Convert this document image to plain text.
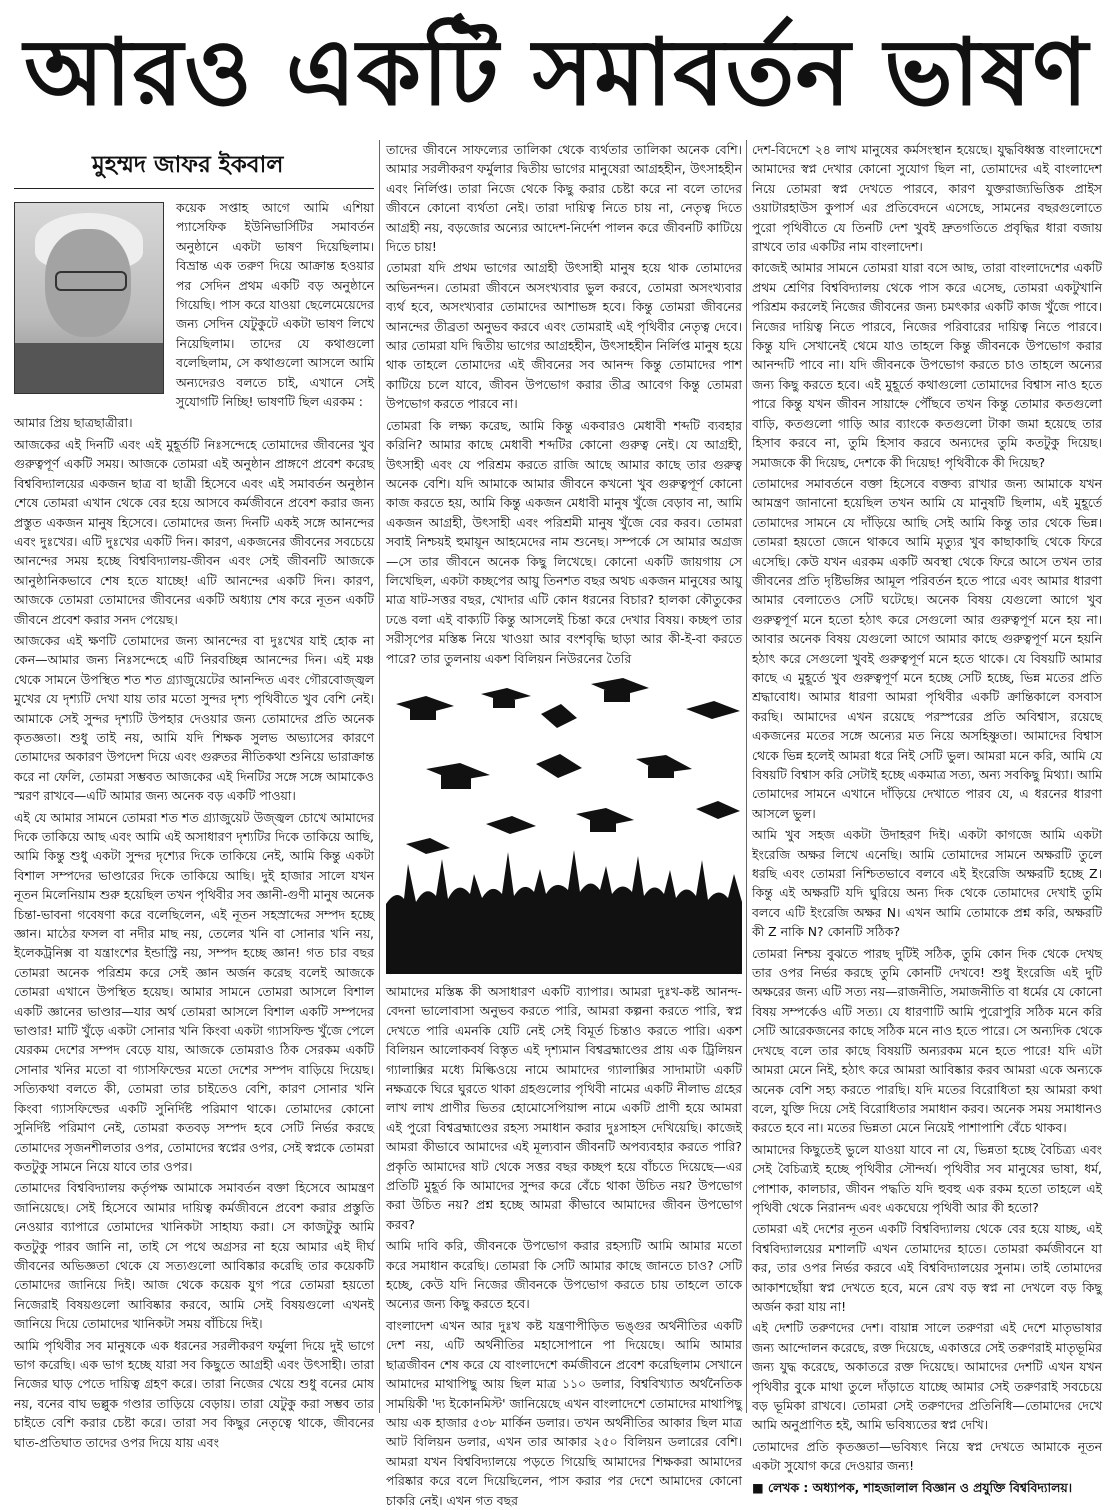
আরও একটি সমাবর্তন ভাষণ
মুহম্মদ জাফর ইকবাল

কয়েক সপ্তাহ আগে আমি এশিয়া প্যাসেফিক ইউনিভার্সিটির সমাবর্তন অনুষ্ঠানে একটা ভাষণ দিয়েছিলাম। বিভ্রান্ত এক তরুণ দিয়ে আক্রান্ত হওয়ার পর সেদিন প্রথম একটি বড় অনুষ্ঠানে গিয়েছি। পাস করে যাওয়া ছেলেমেয়েদের জন্য সেদিন যেটুকুটে একটা ভাষণ লিখে নিয়েছিলাম। তাদের যে কথাগুলো বলেছিলাম, সে কথাগুলো আসলে আমি অন্যদেরও বলতে চাই, এখানে সেই সুযোগটি নিচ্ছি! ভাষণটি ছিল এরকম :

আমার প্রিয় ছাত্রছাত্রীরা।

আজকের এই দিনটি এবং এই মুহূর্তটি নিঃসন্দেহে তোমাদের জীবনের খুব গুরুত্বপূর্ণ একটি সময়। আজকে তোমরা এই অনুষ্ঠান প্রাঙ্গণে প্রবেশ করেছ বিশ্ববিদ্যালয়ের একজন ছাত্র বা ছাত্রী হিসেবে এবং এই সমাবর্তন অনুষ্ঠান শেষে তোমরা এখান থেকে বের হয়ে আসবে কর্মজীবনে প্রবেশ করার জন্য প্রস্তুত একজন মানুষ হিসেবে। তোমাদের জন্য দিনটি একই সঙ্গে আনন্দের এবং দুঃখের। এটি দুঃখের একটি দিন। কারণ, একজনের জীবনের সবচেয়ে আনন্দের সময় হচ্ছে বিশ্ববিদ্যালয়-জীবন এবং সেই জীবনটি আজকে আনুষ্ঠানিকভাবে শেষ হতে যাচ্ছে! এটি আনন্দের একটি দিন। কারণ, আজকে তোমরা তোমাদের জীবনের একটি অধ্যায় শেষ করে নূতন একটি জীবনে প্রবেশ করার সনদ পেয়েছ।

আজকের এই ক্ষণটি তোমাদের জন্য আনন্দের বা দুঃখের যাই হোক না কেন—আমার জন্য নিঃসন্দেহে এটি নিরবচ্ছিন্ন আনন্দের দিন। এই মঞ্চ থেকে সামনে উপস্থিত শত শত গ্র্যাজুয়েটের আনন্দিত এবং গৌরবোজ্জ্বল মুখের যে দৃশ্যটি দেখা যায় তার মতো সুন্দর দৃশ্য পৃথিবীতে খুব বেশি নেই। আমাকে সেই সুন্দর দৃশ্যটি উপহার দেওয়ার জন্য তোমাদের প্রতি অনেক কৃতজ্ঞতা। শুধু তাই নয়, আমি যদি শিক্ষক সুলভ অভ্যাসের কারণে তোমাদের অকারণ উপদেশ দিয়ে এবং গুরুতর নীতিকথা শুনিয়ে ভারাক্রান্ত করে না ফেলি, তোমরা সম্ভবত আজকের এই দিনটির সঙ্গে সঙ্গে আমাকেও স্মরণ রাখবে—এটি আমার জন্য অনেক বড় একটি পাওয়া।

এই যে আমার সামনে তোমরা শত শত গ্র্যাজুয়েট উজ্জ্বল চোখে আমাদের দিকে তাকিয়ে আছ এবং আমি এই অসাধারণ দৃশ্যটির দিকে তাকিয়ে আছি, আমি কিন্তু শুধু একটা সুন্দর দৃশ্যের দিকে তাকিয়ে নেই, আমি কিন্তু একটা বিশাল সম্পদের ভাণ্ডারের দিকে তাকিয়ে আছি। দুই হাজার সালে যখন নূতন মিলেনিয়াম শুরু হয়েছিল তখন পৃথিবীর সব জ্ঞানী-গুণী মানুষ অনেক চিন্তা-ভাবনা গবেষণা করে বলেছিলেন, এই নূতন সহস্রাব্দের সম্পদ হচ্ছে জ্ঞান। মাঠের ফসল বা নদীর মাছ নয়, তেলের খনি বা সোনার খনি নয়, ইলেকট্রনিক্স বা যন্ত্রাংশের ইন্ডাস্ট্রি নয়, সম্পদ হচ্ছে জ্ঞান! গত চার বছর তোমরা অনেক পরিশ্রম করে সেই জ্ঞান অর্জন করেছ বলেই আজকে তোমরা এখানে উপস্থিত হয়েছ। আমার সামনে তোমরা আসলে বিশাল একটি জ্ঞানের ভাণ্ডার—যার অর্থ তোমরা আসলে বিশাল একটি সম্পদের ভাণ্ডার! মাটি খুঁড়ে একটা সোনার খনি কিংবা একটা গ্যাসফিল্ড খুঁজে পেলে যেরকম দেশের সম্পদ বেড়ে যায়, আজকে তোমরাও ঠিক সেরকম একটি সোনার খনির মতো বা গ্যাসফিল্ডের মতো দেশের সম্পদ বাড়িয়ে দিয়েছ। সত্যিকথা বলতে কী, তোমরা তার চাইতেও বেশি, কারণ সোনার খনি কিংবা গ্যাসফিল্ডের একটি সুনির্দিষ্ট পরিমাণ থাকে। তোমাদের কোনো সুনির্দিষ্ট পরিমাণ নেই, তোমরা কতবড় সম্পদ হবে সেটি নির্ভর করছে তোমাদের সৃজনশীলতার ওপর, তোমাদের স্বপ্নের ওপর, সেই স্বপ্নকে তোমরা কতটুকু সামনে নিয়ে যাবে তার ওপর।

তোমাদের বিশ্ববিদ্যালয় কর্তৃপক্ষ আমাকে সমাবর্তন বক্তা হিসেবে আমন্ত্রণ জানিয়েছে। সেই হিসেবে আমার দায়িত্ব কর্মজীবনে প্রবেশ করার প্রস্তুতি নেওয়ার ব্যাপারে তোমাদের খানিকটা সাহায্য করা। সে কাজটুকু আমি কতটুকু পারব জানি না, তাই সে পথে অগ্রসর না হয়ে আমার এই দীর্ঘ জীবনের অভিজ্ঞতা থেকে যে সত্যগুলো আবিষ্কার করেছি তার কয়েকটি তোমাদের জানিয়ে দিই। আজ থেকে কয়েক যুগ পরে তোমরা হয়তো নিজেরাই বিষয়গুলো আবিষ্কার করবে, আমি সেই বিষয়গুলো এখনই জানিয়ে দিয়ে তোমাদের খানিকটা সময় বাঁচিয়ে দিই।

আমি পৃথিবীর সব মানুষকে এক ধরনের সরলীকরণ ফর্মুলা দিয়ে দুই ভাগে ভাগ করেছি। এক ভাগ হচ্ছে যারা সব কিছুতে আগ্রহী এবং উৎসাহী। তারা নিজের ঘাড় পেতে দায়িত্ব গ্রহণ করে। তারা নিজের খেয়ে শুধু বনের মোষ নয়, বনের বাঘ ভল্লুক গণ্ডার তাড়িয়ে বেড়ায়। তারা যেটুকু করা সম্ভব তার চাইতে বেশি করার চেষ্টা করে। তারা সব কিছুর নেতৃত্বে থাকে, জীবনের ঘাত-প্রতিঘাত তাদের ওপর দিয়ে যায় এবং

তাদের জীবনে সাফল্যের তালিকা থেকে ব্যর্থতার তালিকা অনেক বেশি। আমার সরলীকরণ ফর্মুলার দ্বিতীয় ভাগের মানুষেরা আগ্রহহীন, উৎসাহহীন এবং নির্লিপ্ত। তারা নিজে থেকে কিছু করার চেষ্টা করে না বলে তাদের জীবনে কোনো ব্যর্থতা নেই। তারা দায়িত্ব নিতে চায় না, নেতৃত্ব দিতে আগ্রহী নয়, বড়জোর অন্যের আদেশ-নির্দেশ পালন করে জীবনটি কাটিয়ে দিতে চায়!

তোমরা যদি প্রথম ভাগের আগ্রহী উৎসাহী মানুষ হয়ে থাক তোমাদের অভিনন্দন। তোমরা জীবনে অসংখ্যবার ভুল করবে, তোমরা অসংখ্যবার ব্যর্থ হবে, অসংখ্যবার তোমাদের আশাভঙ্গ হবে। কিন্তু তোমরা জীবনের আনন্দের তীব্রতা অনুভব করবে এবং তোমরাই এই পৃথিবীর নেতৃত্ব দেবে। আর তোমরা যদি দ্বিতীয় ভাগের আগ্রহহীন, উৎসাহহীন নির্লিপ্ত মানুষ হয়ে থাক তাহলে তোমাদের এই জীবনের সব আনন্দ কিন্তু তোমাদের পাশ কাটিয়ে চলে যাবে, জীবন উপভোগ করার তীব্র আবেগ কিন্তু তোমরা উপভোগ করতে পারবে না।

তোমরা কি লক্ষ্য করেছ, আমি কিন্তু একবারও মেধাবী শব্দটি ব্যবহার করিনি? আমার কাছে মেধাবী শব্দটির কোনো গুরুত্ব নেই। যে আগ্রহী, উৎসাহী এবং যে পরিশ্রম করতে রাজি আছে আমার কাছে তার গুরুত্ব অনেক বেশি। যদি আমাকে আমার জীবনে কখনো খুব গুরুত্বপূর্ণ কোনো কাজ করতে হয়, আমি কিন্তু একজন মেধাবী মানুষ খুঁজে বেড়াব না, আমি একজন আগ্রহী, উৎসাহী এবং পরিশ্রমী মানুষ খুঁজে বের করব। তোমরা সবাই নিশ্চয়ই হুমায়ূন আহমেদের নাম শুনেছ। সম্পর্কে সে আমার অগ্রজ—সে তার জীবনে অনেক কিছু লিখেছে। কোনো একটি জায়গায় সে লিখেছিল, একটা কচ্ছপের আয়ু তিনশত বছর অথচ একজন মানুষের আয়ু মাত্র ষাট-সত্তর বছর, খোদার এটি কোন ধরনের বিচার? হালকা কৌতুকের ঢঙে বলা এই বাক্যটি কিন্তু আসলেই চিন্তা করে দেখার বিষয়। কচ্ছপ তার সরীসৃপের মস্তিষ্ক নিয়ে খাওয়া আর বংশবৃদ্ধি ছাড়া আর কী-ই-বা করতে পারে? তার তুলনায় একশ বিলিয়ন নিউরনের তৈরি

আমাদের মস্তিষ্ক কী অসাধারণ একটি ব্যাপার। আমরা দুঃখ-কষ্ট আনন্দ-বেদনা ভালোবাসা অনুভব করতে পারি, আমরা কল্পনা করতে পারি, স্বপ্ন দেখতে পারি এমনকি যেটি নেই সেই বিমূর্ত চিন্তাও করতে পারি। একশ বিলিয়ন আলোকবর্ষ বিস্তৃত এই দৃশ্যমান বিশ্বব্রহ্মাণ্ডের প্রায় এক ট্রিলিয়ন গ্যালাক্সির মধ্যে মিল্কিওয়ে নামে আমাদের গ্যালাক্সির সাদামাটা একটি নক্ষত্রকে ঘিরে ঘুরতে থাকা গ্রহগুলোর পৃথিবী নামের একটি নীলাভ গ্রহের লাখ লাখ প্রাণীর ভিতর হোমোসেপিয়ান্স নামে একটি প্রাণী হয়ে আমরা এই পুরো বিশ্বব্রহ্মাণ্ডের রহস্য সমাধান করার দুঃসাহস দেখিয়েছি। কাজেই আমরা কীভাবে আমাদের এই মূল্যবান জীবনটি অপব্যবহার করতে পারি? প্রকৃতি আমাদের ষাট থেকে সত্তর বছর কচ্ছপ হয়ে বাঁচতে দিয়েছে—এর প্রতিটি মুহূর্ত কি আমাদের সুন্দর করে বেঁচে থাকা উচিত নয়? উপভোগ করা উচিত নয়? প্রশ্ন হচ্ছে আমরা কীভাবে আমাদের জীবন উপভোগ করব?

আমি দাবি করি, জীবনকে উপভোগ করার রহস্যটি আমি আমার মতো করে সমাধান করেছি। তোমরা কি সেটি আমার কাছে জানতে চাও? সেটি হচ্ছে, কেউ যদি নিজের জীবনকে উপভোগ করতে চায় তাহলে তাকে অন্যের জন্য কিছু করতে হবে।

বাংলাদেশ এখন আর দুঃখ কষ্ট যন্ত্রণাপীড়িত ভঙ্গুর অর্থনীতির একটি দেশ নয়, এটি অর্থনীতির মহাসোপানে পা দিয়েছে। আমি আমার ছাত্রজীবন শেষ করে যে বাংলাদেশে কর্মজীবনে প্রবেশ করেছিলাম সেখানে আমাদের মাথাপিছু আয় ছিল মাত্র ১১০ ডলার, বিশ্ববিখ্যাত অর্থনৈতিক সাময়িকী 'দ্য ইকোনমিস্ট' জানিয়েছে এখন বাংলাদেশে তোমাদের মাথাপিছু আয় এক হাজার ৫৩৮ মার্কিন ডলার। তখন অর্থনীতির আকার ছিল মাত্র আট বিলিয়ন ডলার, এখন তার আকার ২৫০ বিলিয়ন ডলারের বেশি। আমরা যখন বিশ্ববিদ্যালয়ে পড়তে গিয়েছি আমাদের শিক্ষকরা আমাদের পরিষ্কার করে বলে দিয়েছিলেন, পাস করার পর দেশে আমাদের কোনো চাকরি নেই। এখন গত বছর

দেশ-বিদেশে ২৪ লাখ মানুষের কর্মসংস্থান হয়েছে। যুদ্ধবিধ্বস্ত বাংলাদেশে আমাদের স্বপ্ন দেখার কোনো সুযোগ ছিল না, তোমাদের এই বাংলাদেশ নিয়ে তোমরা স্বপ্ন দেখতে পারবে, কারণ যুক্তরাজ্যভিত্তিক প্রাইস ওয়াটারহাউস কুপার্স এর প্রতিবেদনে এসেছে, সামনের বছরগুলোতে পুরো পৃথিবীতে যে তিনটি দেশ খুবই দ্রুতগতিতে প্রবৃদ্ধির ধারা বজায় রাখবে তার একটির নাম বাংলাদেশ।

কাজেই আমার সামনে তোমরা যারা বসে আছ, তারা বাংলাদেশের একটি প্রথম শ্রেণির বিশ্ববিদ্যালয় থেকে পাস করে এসেছ, তোমরা একটুখানি পরিশ্রম করলেই নিজের জীবনের জন্য চমৎকার একটি কাজ খুঁজে পাবে। নিজের দায়িত্ব নিতে পারবে, নিজের পরিবারের দায়িত্ব নিতে পারবে। কিন্তু যদি সেখানেই থেমে যাও তাহলে কিন্তু জীবনকে উপভোগ করার আনন্দটি পাবে না। যদি জীবনকে উপভোগ করতে চাও তাহলে অন্যের জন্য কিছু করতে হবে। এই মুহূর্তে কথাগুলো তোমাদের বিশ্বাস নাও হতে পারে কিন্তু যখন জীবন সায়াহ্নে পৌঁছবে তখন কিন্তু তোমার কতগুলো বাড়ি, কতগুলো গাড়ি আর ব্যাংকে কতগুলো টাকা জমা হয়েছে তার হিসাব করবে না, তুমি হিসাব করবে অন্যদের তুমি কতটুকু দিয়েছ। সমাজকে কী দিয়েছ, দেশকে কী দিয়েছ! পৃথিবীকে কী দিয়েছ?

তোমাদের সমাবর্তনে বক্তা হিসেবে বক্তব্য রাখার জন্য আমাকে যখন আমন্ত্রণ জানানো হয়েছিল তখন আমি যে মানুষটি ছিলাম, এই মুহূর্তে তোমাদের সামনে যে দাঁড়িয়ে আছি সেই আমি কিন্তু তার থেকে ভিন্ন। তোমরা হয়তো জেনে থাকবে আমি মৃত্যুর খুব কাছাকাছি থেকে ফিরে এসেছি। কেউ যখন এরকম একটি অবস্থা থেকে ফিরে আসে তখন তার জীবনের প্রতি দৃষ্টিভঙ্গির আমূল পরিবর্তন হতে পারে এবং আমার ধারণা আমার বেলাতেও সেটি ঘটেছে। অনেক বিষয় যেগুলো আগে খুব গুরুত্বপূর্ণ মনে হতো হঠাৎ করে সেগুলো আর গুরুত্বপূর্ণ মনে হয় না। আবার অনেক বিষয় যেগুলো আগে আমার কাছে গুরুত্বপূর্ণ মনে হয়নি হঠাৎ করে সেগুলো খুবই গুরুত্বপূর্ণ মনে হতে থাকে। যে বিষয়টি আমার কাছে এ মুহূর্তে খুব গুরুত্বপূর্ণ মনে হচ্ছে সেটি হচ্ছে, ভিন্ন মতের প্রতি শ্রদ্ধাবোধ। আমার ধারণা আমরা পৃথিবীর একটি ক্রান্তিকালে বসবাস করছি। আমাদের এখন রয়েছে পরস্পরের প্রতি অবিশ্বাস, রয়েছে একজনের মতের সঙ্গে অন্যের মত নিয়ে অসহিষ্ণুতা। আমাদের বিশ্বাস থেকে ভিন্ন হলেই আমরা ধরে নিই সেটি ভুল। আমরা মনে করি, আমি যে বিষয়টি বিশ্বাস করি সেটাই হচ্ছে একমাত্র সত্য, অন্য সবকিছু মিথ্যা। আমি তোমাদের সামনে এখানে দাঁড়িয়ে দেখাতে পারব যে, এ ধরনের ধারণা আসলে ভুল।

আমি খুব সহজ একটা উদাহরণ দিই। একটা কাগজে আমি একটা ইংরেজি অক্ষর লিখে এনেছি। আমি তোমাদের সামনে অক্ষরটি তুলে ধরছি এবং তোমরা নিশ্চিতভাবে বলবে এই ইংরেজি অক্ষরটি হচ্ছে Z। কিন্তু এই অক্ষরটি যদি ঘুরিয়ে অন্য দিক থেকে তোমাদের দেখাই তুমি বলবে এটি ইংরেজি অক্ষর N। এখন আমি তোমাকে প্রশ্ন করি, অক্ষরটি কী Z নাকি N? কোনটি সঠিক?

তোমরা নিশ্চয় বুঝতে পারছ দুটিই সঠিক, তুমি কোন দিক থেকে দেখছ তার ওপর নির্ভর করছে তুমি কোনটি দেখবে! শুধু ইংরেজি এই দুটি অক্ষরের জন্য এটি সত্য নয়—রাজনীতি, সমাজনীতি বা ধর্মের যে কোনো বিষয় সম্পর্কেও এটি সত্য। যে ধারণাটি আমি পুরোপুরি সঠিক মনে করি সেটি আরেকজনের কাছে সঠিক মনে নাও হতে পারে। সে অন্যদিক থেকে দেখছে বলে তার কাছে বিষয়টি অন্যরকম মনে হতে পারে! যদি এটা আমরা মেনে নিই, হঠাৎ করে আমরা আবিষ্কার করব আমরা একে অন্যকে অনেক বেশি সহ্য করতে পারছি। যদি মতের বিরোধিতা হয় আমরা কথা বলে, যুক্তি দিয়ে সেই বিরোধিতার সমাধান করব। অনেক সময় সমাধানও করতে হবে না। মতের ভিন্নতা মেনে নিয়েই পাশাপাশি বেঁচে থাকব।

আমাদের কিছুতেই ভুলে যাওয়া যাবে না যে, ভিন্নতা হচ্ছে বৈচিত্র্য এবং সেই বৈচিত্র্যই হচ্ছে পৃথিবীর সৌন্দর্য। পৃথিবীর সব মানুষের ভাষা, ধর্ম, পোশাক, কালচার, জীবন পদ্ধতি যদি হুবহু এক রকম হতো তাহলে এই পৃথিবী থেকে নিরানন্দ এবং একঘেয়ে পৃথিবী আর কী হতো?

তোমরা এই দেশের নূতন একটি বিশ্ববিদ্যালয় থেকে বের হয়ে যাচ্ছ, এই বিশ্ববিদ্যালয়ের মশালটি এখন তোমাদের হাতে। তোমরা কর্মজীবনে যা কর, তার ওপর নির্ভর করবে এই বিশ্ববিদ্যালয়ের সুনাম। তাই তোমাদের আকাশছোঁয়া স্বপ্ন দেখতে হবে, মনে রেখ বড় স্বপ্ন না দেখলে বড় কিছু অর্জন করা যায় না!

এই দেশটি তরুণদের দেশ। বায়ান্ন সালে তরুণরা এই দেশে মাতৃভাষার জন্য আন্দোলন করেছে, রক্ত দিয়েছে, একাত্তরে সেই তরুণরাই মাতৃভূমির জন্য যুদ্ধ করেছে, অকাতরে রক্ত দিয়েছে। আমাদের দেশটি এখন যখন পৃথিবীর বুকে মাথা তুলে দাঁড়াতে যাচ্ছে আমার সেই তরুণরাই সবচেয়ে বড় ভূমিকা রাখবে। তোমরা সেই তরুণদের প্রতিনিধি—তোমাদের দেখে আমি অনুপ্রাণিত হই, আমি ভবিষ্যতের স্বপ্ন দেখি।

তোমাদের প্রতি কৃতজ্ঞতা—ভবিষ্যৎ নিয়ে স্বপ্ন দেখতে আমাকে নূতন একটা সুযোগ করে দেওয়ার জন্য!

■ লেখক : অধ্যাপক, শাহজালাল বিজ্ঞান ও প্রযুক্তি বিশ্ববিদ্যালয়।
